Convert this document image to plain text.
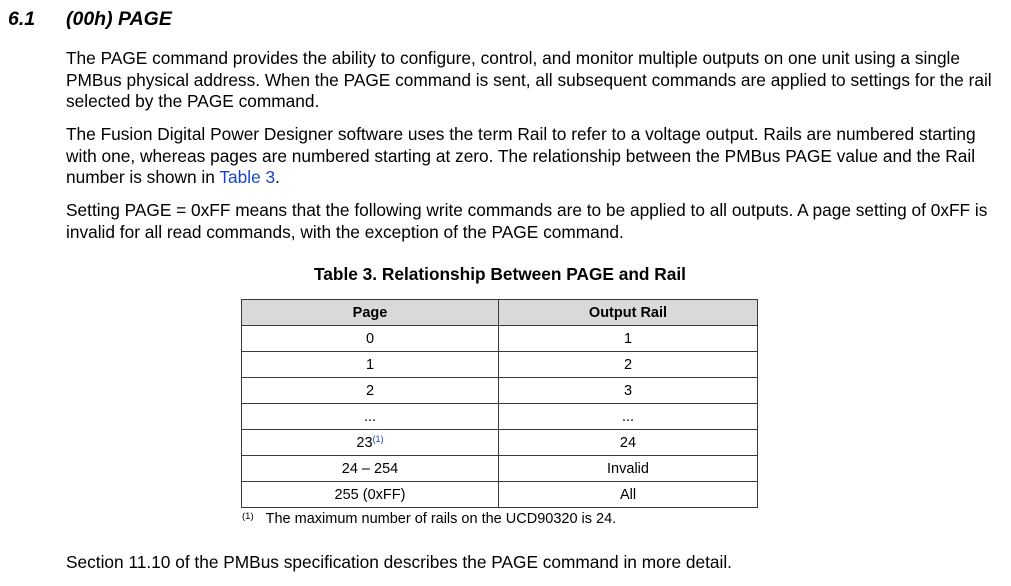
6.1 (00h) PAGE

The PAGE command provides the ability to configure, control, and monitor multiple outputs on one unit using a single PMBus physical address. When the PAGE command is sent, all subsequent commands are applied to settings for the rail selected by the PAGE command.

The Fusion Digital Power Designer software uses the term Rail to refer to a voltage output. Rails are numbered starting with one, whereas pages are numbered starting at zero. The relationship between the PMBus PAGE value and the Rail number is shown in Table 3.

Setting PAGE = 0xFF means that the following write commands are to be applied to all outputs. A page setting of 0xFF is invalid for all read commands, with the exception of the PAGE command.

Table 3. Relationship Between PAGE and Rail
Page	Output Rail
0	1
1	2
2	3
...	...
23$^{(1)}$	24
24 – 254	Invalid
255 (0xFF)	All
$^{(1)}$ The maximum number of rails on the UCD90320 is 24.
Section 11.10 of the PMBus specification describes the PAGE command in more detail.
